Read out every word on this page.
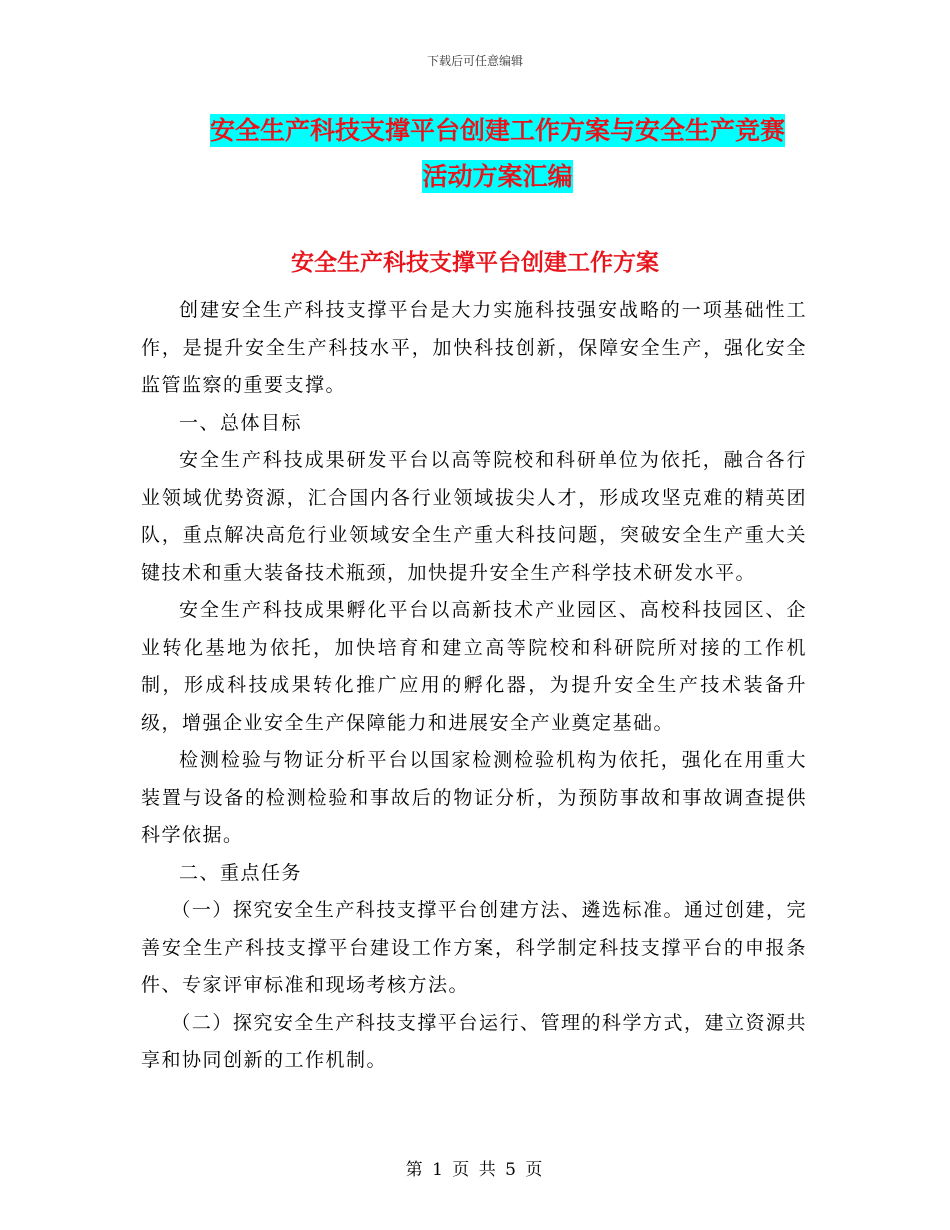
下载后可任意编辑
安全生产科技支撑平台创建工作方案与安全生产竞赛
活动方案汇编
安全生产科技支撑平台创建工作方案

创建安全生产科技支撑平台是大力实施科技强安战略的一项基础性工作，是提升安全生产科技水平，加快科技创新，保障安全生产，强化安全监管监察的重要支撑。

一、总体目标

安全生产科技成果研发平台以高等院校和科研单位为依托，融合各行业领域优势资源，汇合国内各行业领域拔尖人才，形成攻坚克难的精英团队，重点解决高危行业领域安全生产重大科技问题，突破安全生产重大关键技术和重大装备技术瓶颈，加快提升安全生产科学技术研发水平。

安全生产科技成果孵化平台以高新技术产业园区、高校科技园区、企业转化基地为依托，加快培育和建立高等院校和科研院所对接的工作机制，形成科技成果转化推广应用的孵化器，为提升安全生产技术装备升级，增强企业安全生产保障能力和进展安全产业奠定基础。

检测检验与物证分析平台以国家检测检验机构为依托，强化在用重大装置与设备的检测检验和事故后的物证分析，为预防事故和事故调查提供科学依据。

二、重点任务

（一）探究安全生产科技支撑平台创建方法、遴选标准。通过创建，完善安全生产科技支撑平台建设工作方案，科学制定科技支撑平台的申报条件、专家评审标准和现场考核方法。

（二）探究安全生产科技支撑平台运行、管理的科学方式，建立资源共享和协同创新的工作机制。

第 1 页 共 5 页
